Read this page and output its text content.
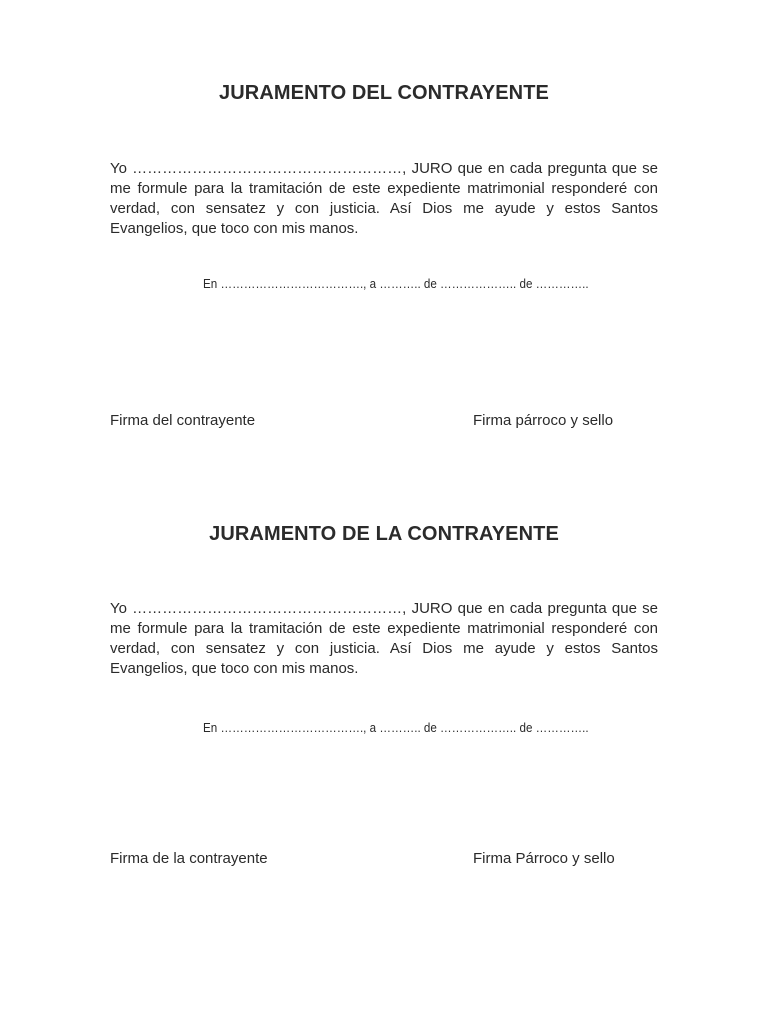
JURAMENTO DEL CONTRAYENTE

Yo ………………………………………………, JURO que en cada pregunta que se me formule para la tramitación de este expediente matrimonial responderé con verdad, con sensatez y con justicia. Así Dios me ayude y estos Santos Evangelios, que toco con mis manos.

En ………………………………., a ……….. de ……………….. de …………..

Firma del contrayente	Firma párroco y sello
JURAMENTO DE LA CONTRAYENTE

Yo ………………………………………………, JURO que en cada pregunta que se me formule para la tramitación de este expediente matrimonial responderé con verdad, con sensatez y con justicia. Así Dios me ayude y estos Santos Evangelios, que toco con mis manos.

En ………………………………., a ……….. de ……………….. de …………..

Firma de la contrayente	Firma Párroco y sello
